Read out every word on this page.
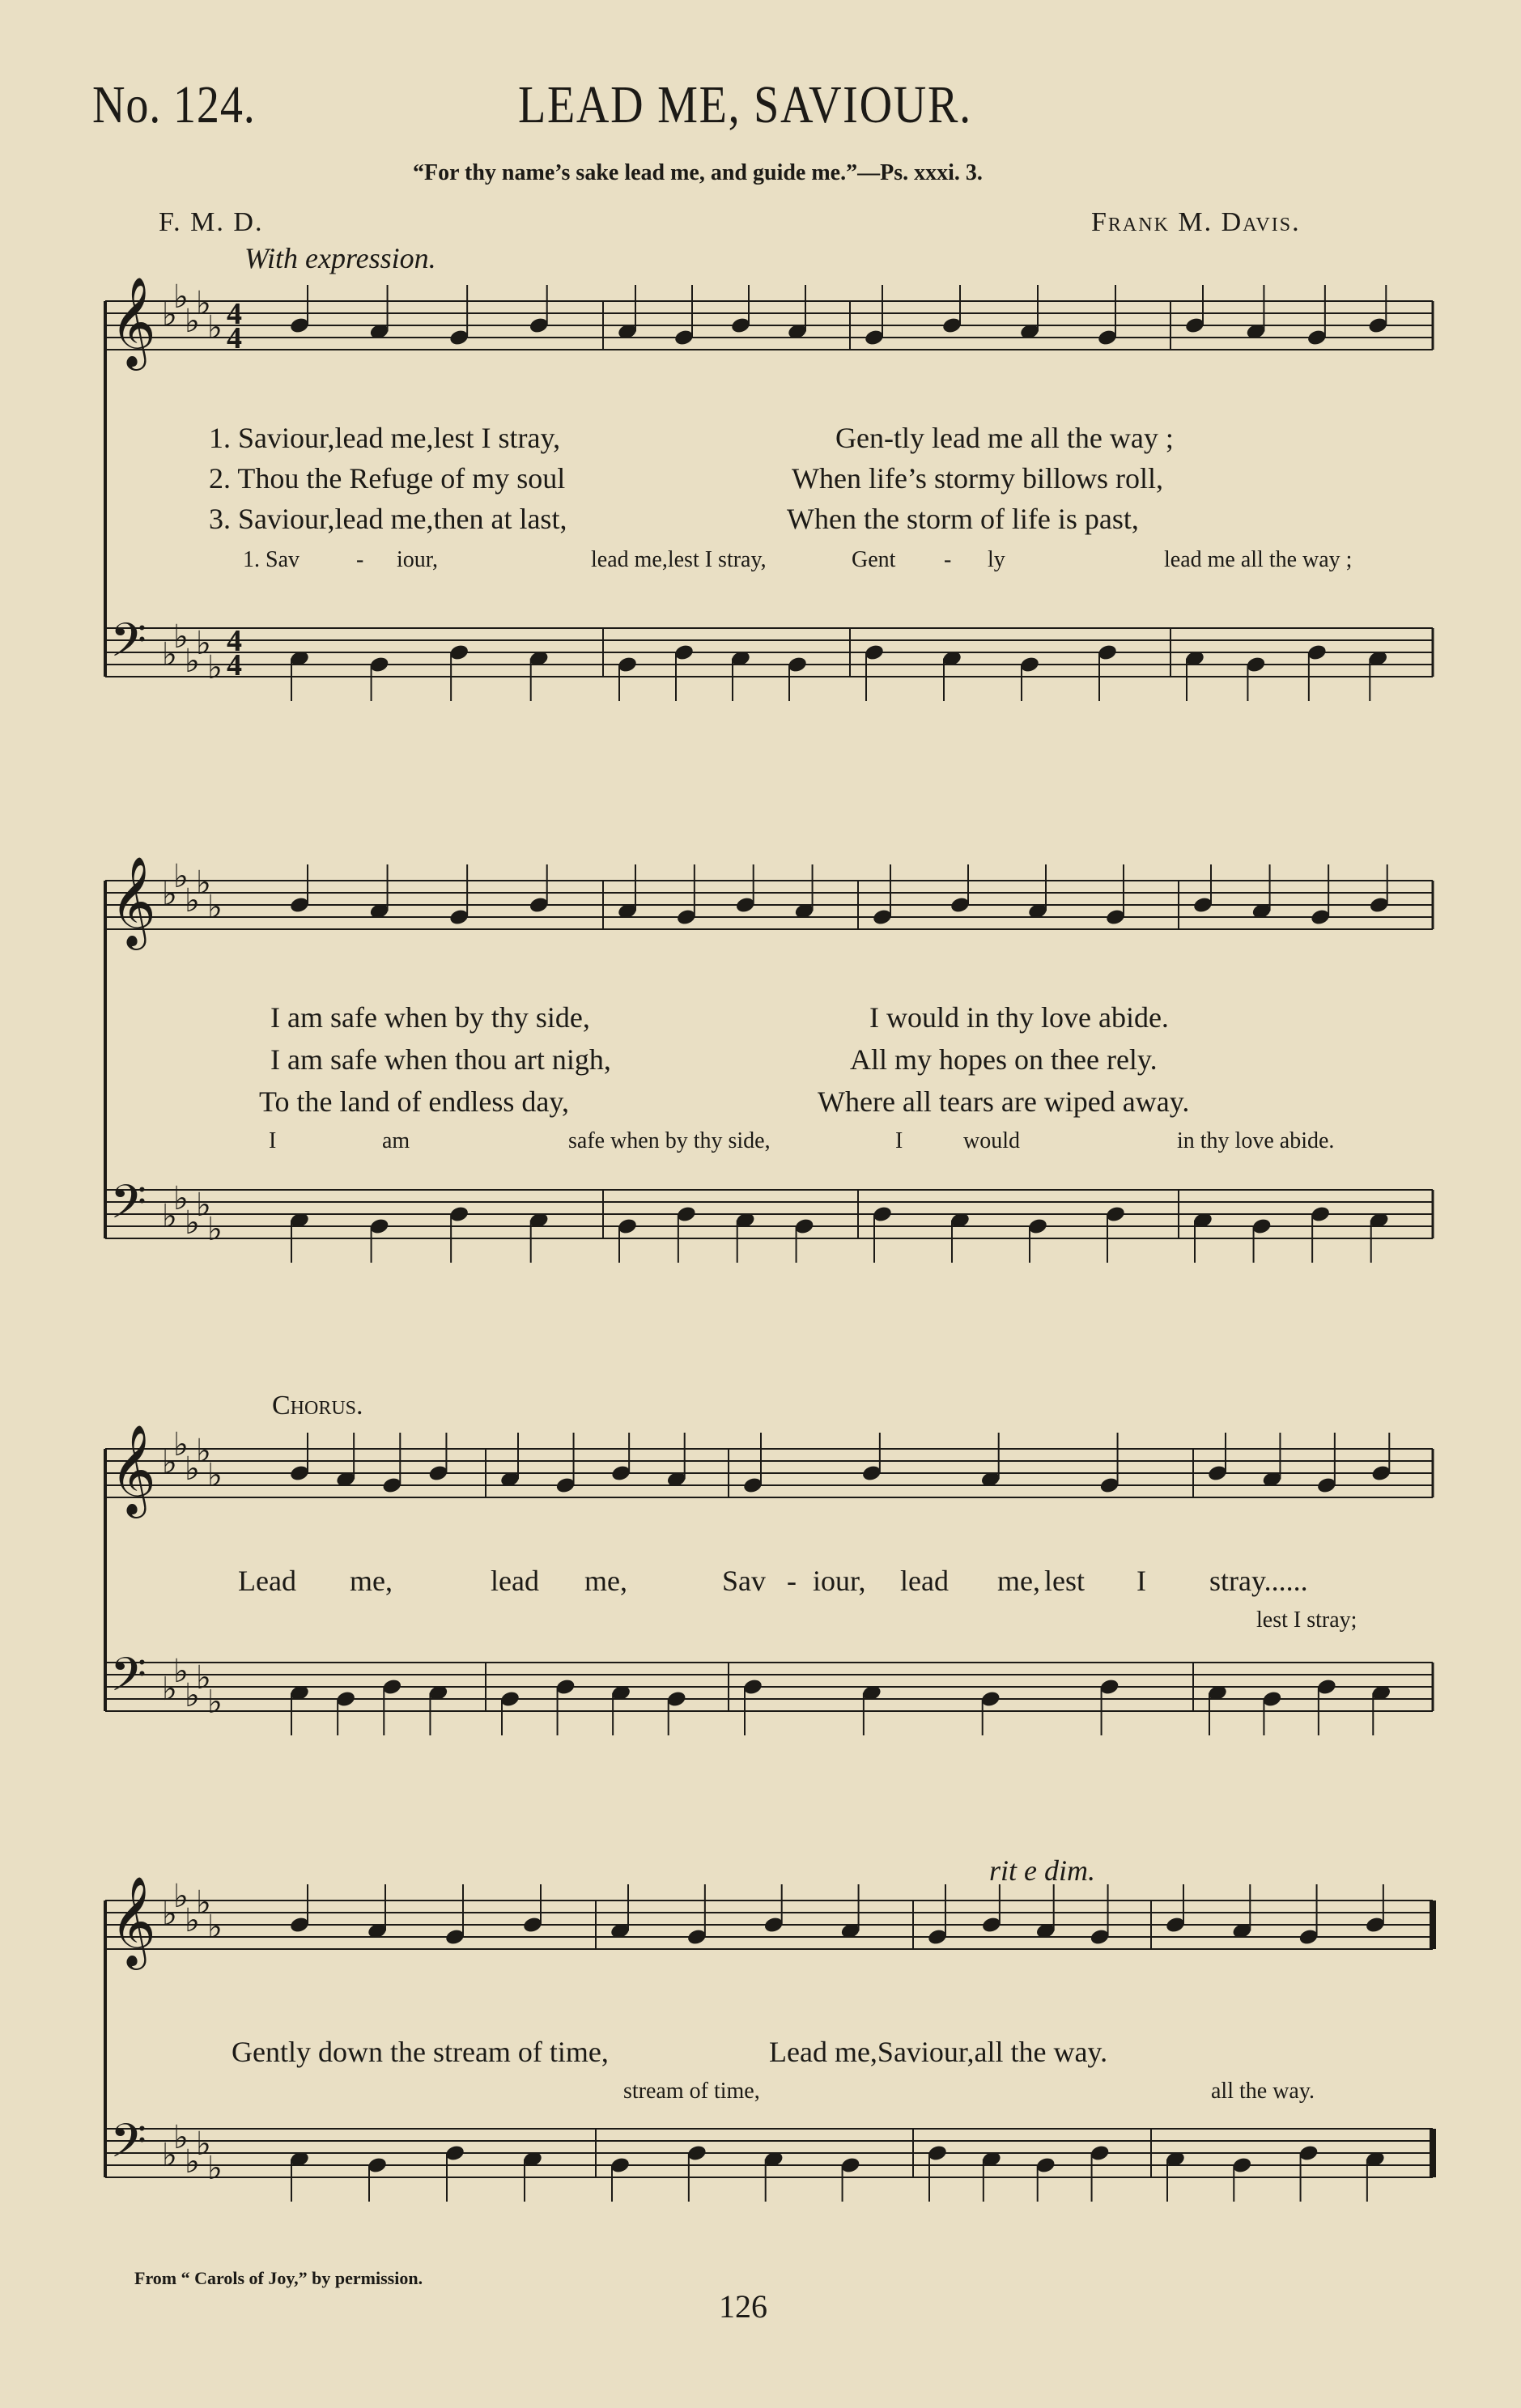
No. 124.	LEAD ME, SAVIOUR.
“For thy name’s sake lead me, and guide me.”—Ps. xxxi. 3.
F. M. D.	Frank M. Davis.
With expression.
𝄞 ♭
♭
♭
♭
♭
𝄢 ♭
♭
♭
♭
♭
4
4
4
4
𝄞 ♭
♭
♭
♭
♭
𝄢 ♭
♭
♭
♭
♭
𝄞 ♭
♭
♭
♭
♭
𝄢 ♭
♭
♭
♭
♭
𝄞 ♭
♭
♭
♭
♭
𝄢 ♭
♭
♭
♭
♭
1. Saviour,lead me,lest I stray,	Gen-tly lead me all the way ;
2. Thou the Refuge of my soul	When life’s stormy billows roll,
3. Saviour,lead me,then at last,	When the storm of life is past,
1. Sav	- iour,	lead me,lest I stray,	Gent - ly	lead me all the way ;
I am safe when by thy side,	I would in thy love abide.
I am safe when thou art nigh,	All my hopes on thee rely.
To the land of endless day,	Where all tears are wiped away.
I	am	safe when by thy side,	I	would	in thy love abide.
Chorus.
Lead me,	lead me,	Sav - iour, lead me, lest I stray......
lest I stray;
rit e dim.
Gently down the stream of time,	Lead me,Saviour,all the way.
stream of time,	all the way.
From “ Carols of Joy,” by permission.
126
